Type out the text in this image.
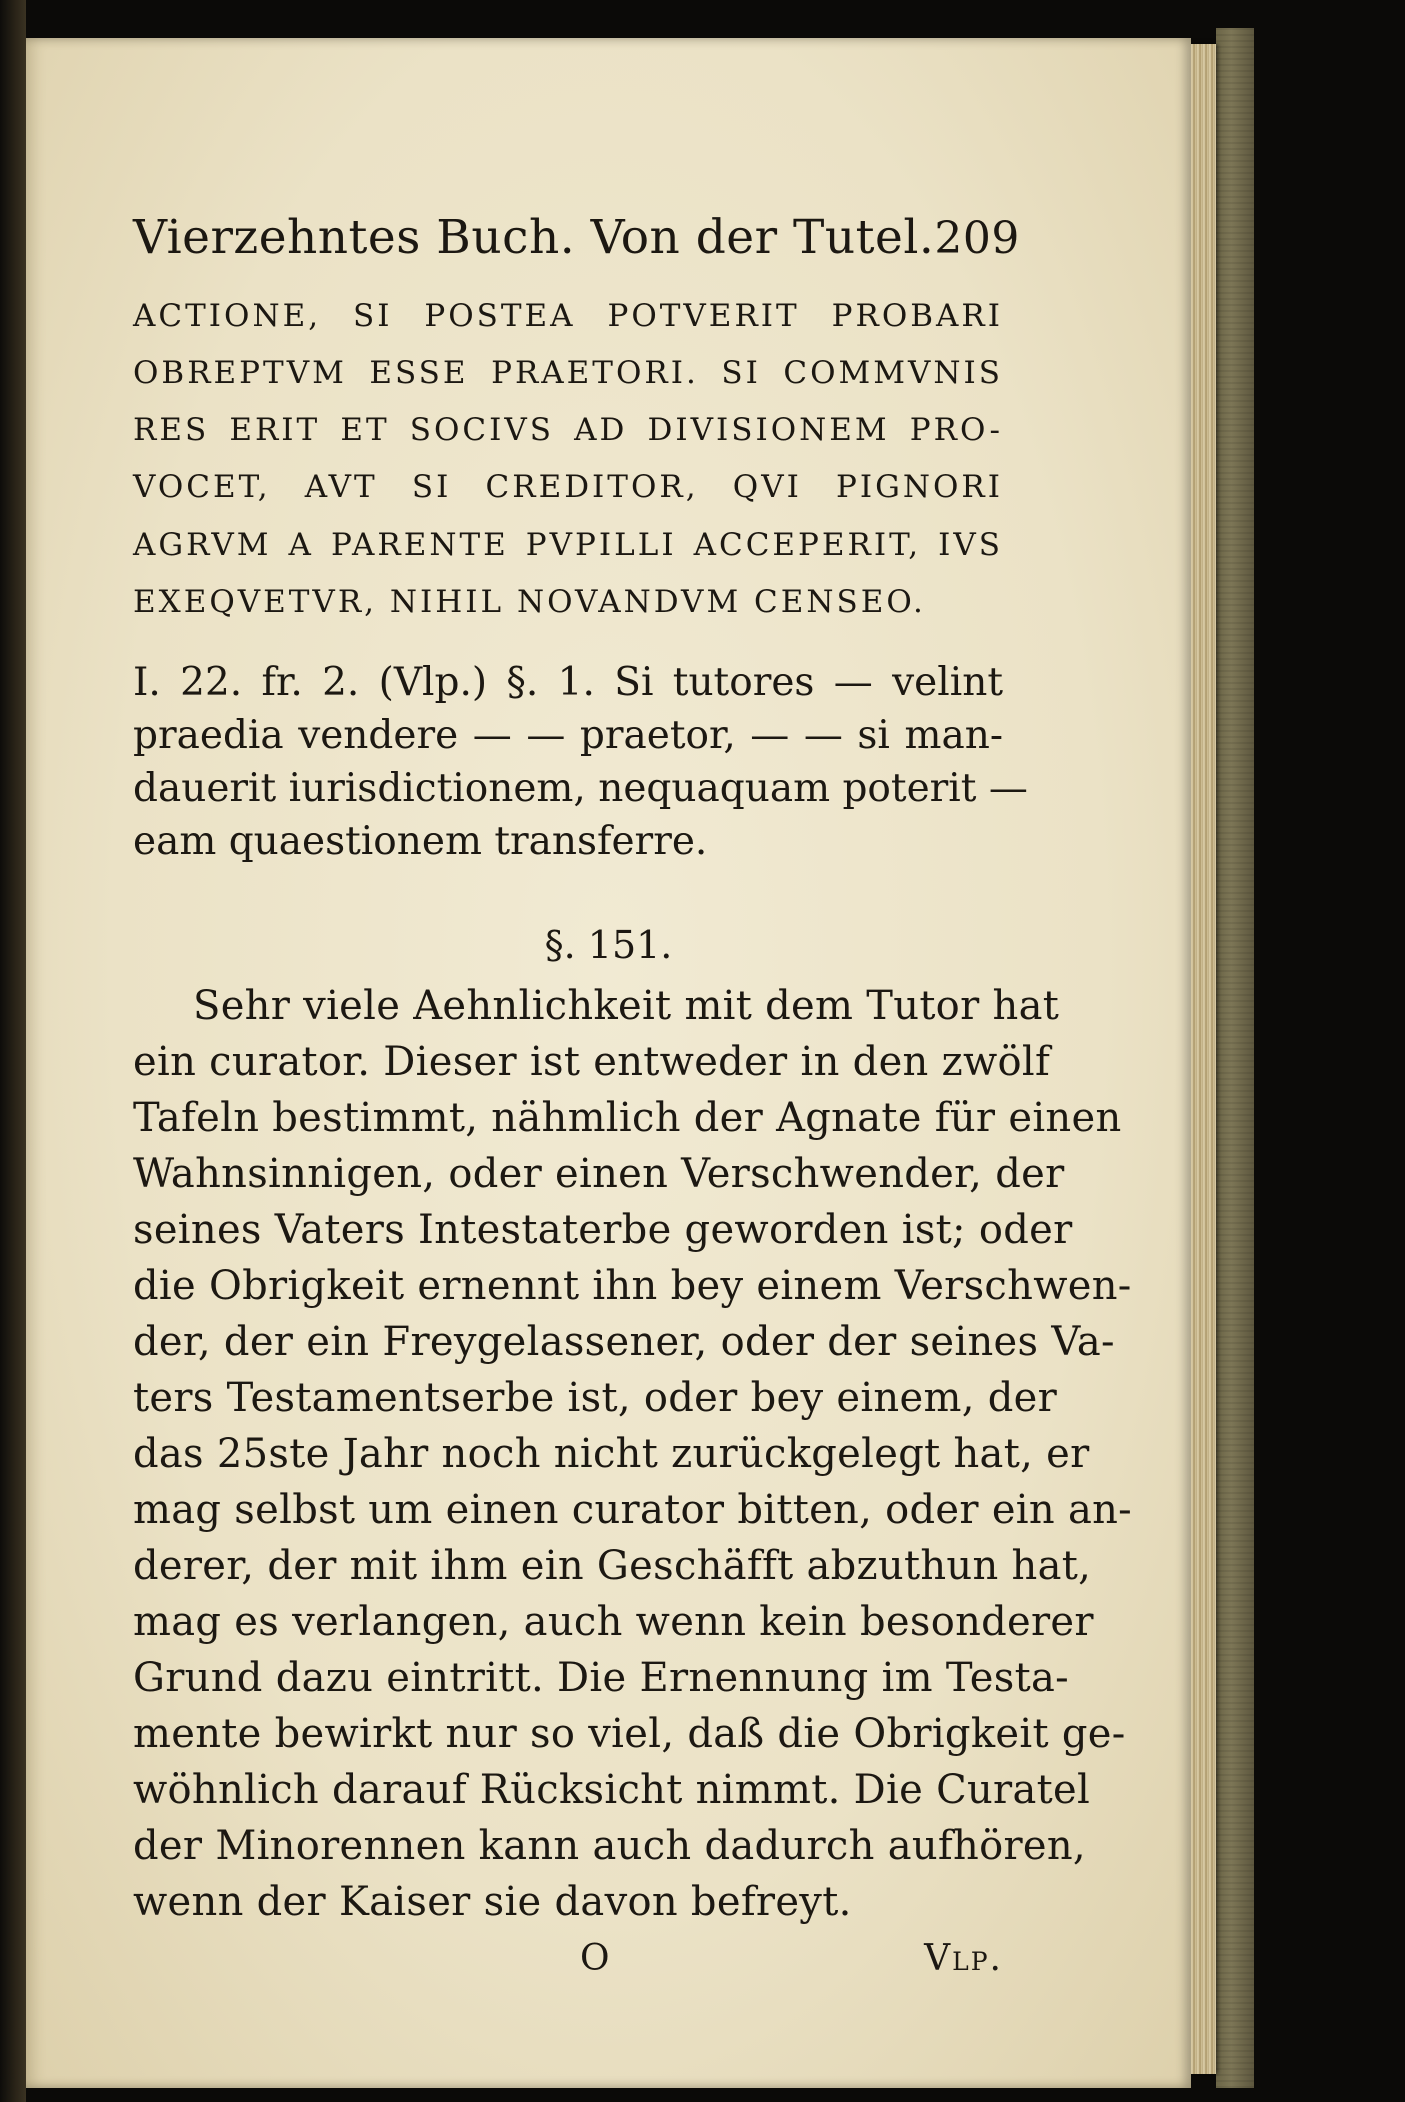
Vierzehntes Buch. Von der Tutel. 209
ACTIONE, SI POSTEA POTVERIT PROBARI
OBREPTVM ESSE PRAETORI. SI COMMVNIS
RES ERIT ET SOCIVS AD DIVISIONEM PRO-
VOCET, AVT SI CREDITOR, QVI PIGNORI
AGRVM A PARENTE PVPILLI ACCEPERIT, IVS
EXEQVETVR, NIHIL NOVANDVM CENSEO.
I. 22. fr. 2. (Vlp.) §. 1. Si tutores — velint
praedia vendere — — praetor, — — si man-
dauerit iurisdictionem, nequaquam poterit —
eam quaestionem transferre.
§. 151.
Sehr viele Aehnlichkeit mit dem Tutor hat
ein curator. Dieser ist entweder in den zwölf
Tafeln bestimmt, nähmlich der Agnate für einen
Wahnsinnigen, oder einen Verschwender, der
seines Vaters Intestaterbe geworden ist; oder
die Obrigkeit ernennt ihn bey einem Verschwen-
der, der ein Freygelassener, oder der seines Va-
ters Testamentserbe ist, oder bey einem, der
das 25ste Jahr noch nicht zurückgelegt hat, er
mag selbst um einen curator bitten, oder ein an-
derer, der mit ihm ein Geschäfft abzuthun hat,
mag es verlangen, auch wenn kein besonderer
Grund dazu eintritt. Die Ernennung im Testa-
mente bewirkt nur so viel, daß die Obrigkeit ge-
wöhnlich darauf Rücksicht nimmt. Die Curatel
der Minorennen kann auch dadurch aufhören,
wenn der Kaiser sie davon befreyt.
O	Vlp.
